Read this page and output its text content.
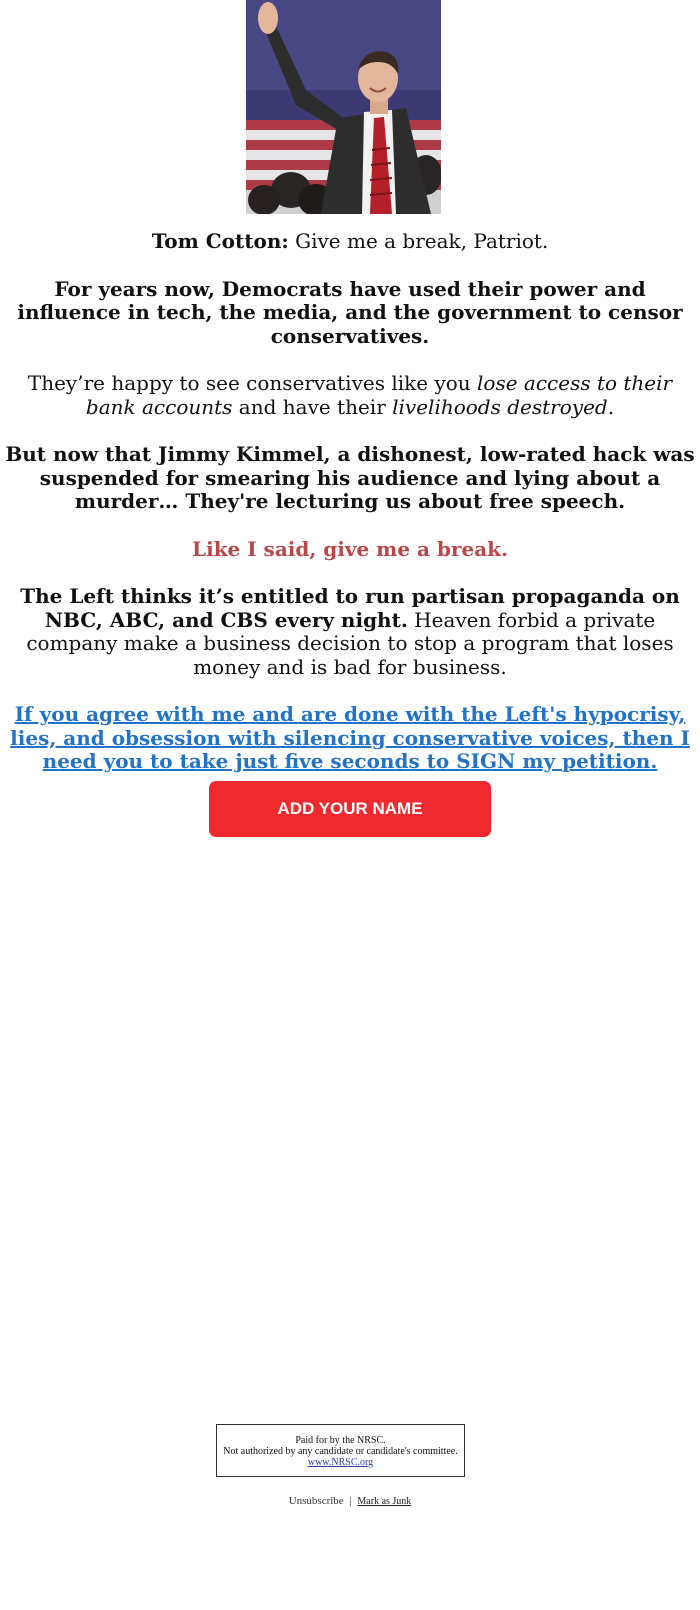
Tom Cotton: Give me a break, Patriot.

For years now, Democrats have used their power and influence in tech, the media, and the government to censor conservatives.

They’re happy to see conservatives like you lose access to their bank accounts and have their livelihoods destroyed.

But now that Jimmy Kimmel, a dishonest, low-rated hack was suspended for smearing his audience and lying about a murder… They're lecturing us about free speech.

Like I said, give me a break.

The Left thinks it’s entitled to run partisan propaganda on NBC, ABC, and CBS every night. Heaven forbid a private company make a business decision to stop a program that loses money and is bad for business.

If you agree with me and are done with the Left's hypocrisy, lies, and obsession with silencing conservative voices, then I need you to take just five seconds to SIGN my petition.

ADD YOUR NAME
Paid for by the NRSC.
Not authorized by any candidate or candidate's committee.
www.NRSC.org
Unsubscribe | Mark as Junk
